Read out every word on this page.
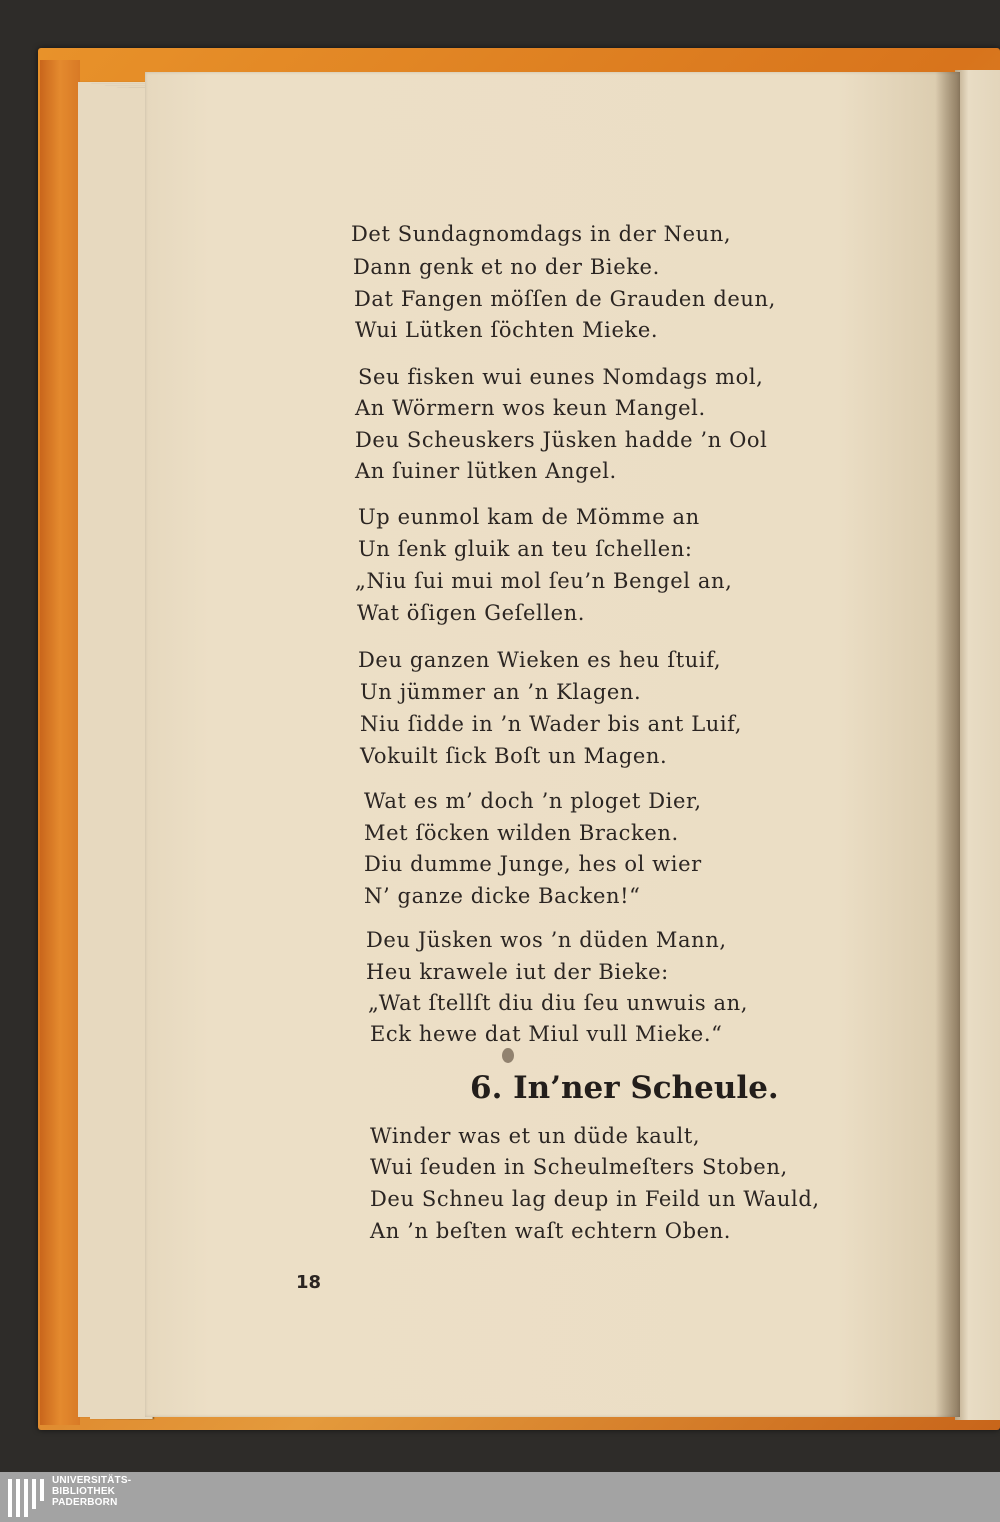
Det Sundagnomdags in der Neun,
Dann genk et no der Bieke.
Dat Fangen möſſen de Grauden deun,
Wui Lütken ſöchten Mieke.
Seu fisken wui eunes Nomdags mol,
An Wörmern wos keun Mangel.
Deu Scheuskers Jüsken hadde ’n Ool
An ſuiner lütken Angel.
Up eunmol kam de Mömme an
Un ſenk gluik an teu ſchellen:
„Niu ſui mui mol ſeu’n Bengel an,
Wat öſigen Geſellen.
Deu ganzen Wieken es heu ſtuif,
Un jümmer an ’n Klagen.
Niu ſidde in ’n Wader bis ant Luif,
Vokuilt ſick Boſt un Magen.
Wat es m’ doch ’n ploget Dier,
Met ſöcken wilden Bracken.
Diu dumme Junge, hes ol wier
N’ ganze dicke Backen!“
Deu Jüsken wos ’n düden Mann,
Heu krawele iut der Bieke:
„Wat ſtellſt diu diu ſeu unwuis an,
Eck hewe dat Miul vull Mieke.“
6. In’ner Scheule.
Winder was et un düde kault,
Wui ſeuden in Scheulmeſters Stoben,
Deu Schneu lag deup in Feild un Wauld,
An ’n beſten waſt echtern Oben.
18
UNIVERSITÄTS-
BIBLIOTHEK
PADERBORN
